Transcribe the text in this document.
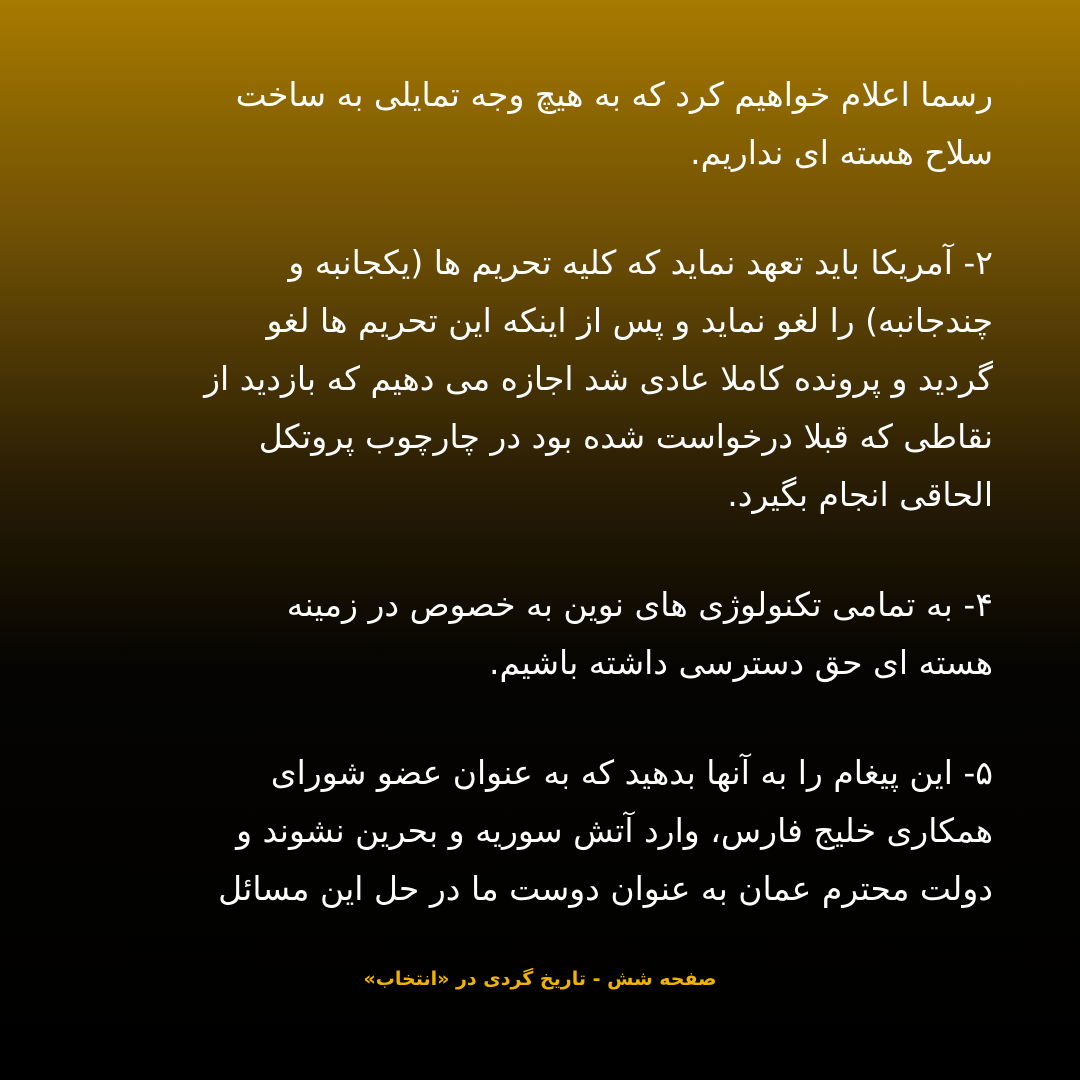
رسما اعلام خواهیم کرد که به هیچ وجه تمایلی به ساخت
سلاح هسته ای نداریم.

۲- آمریکا باید تعهد نماید که کلیه تحریم ها (یکجانبه و
چندجانبه) را لغو نماید و پس از اینکه این تحریم ها لغو
گردید و پرونده کاملا عادی شد اجازه می دهیم که بازدید از
نقاطی که قبلا درخواست شده بود در چارچوب پروتکل
الحاقی انجام بگیرد.

۴- به تمامی تکنولوژی های نوین به خصوص در زمینه
هسته ای حق دسترسی داشته باشیم.

۵- این پیغام را به آنها بدهید که به عنوان عضو شورای
همکاری خلیج فارس، وارد آتش سوریه و بحرین نشوند و
دولت محترم عمان به عنوان دوست ما در حل این مسائل

صفحه شش - تاریخ گردی در «انتخاب»
